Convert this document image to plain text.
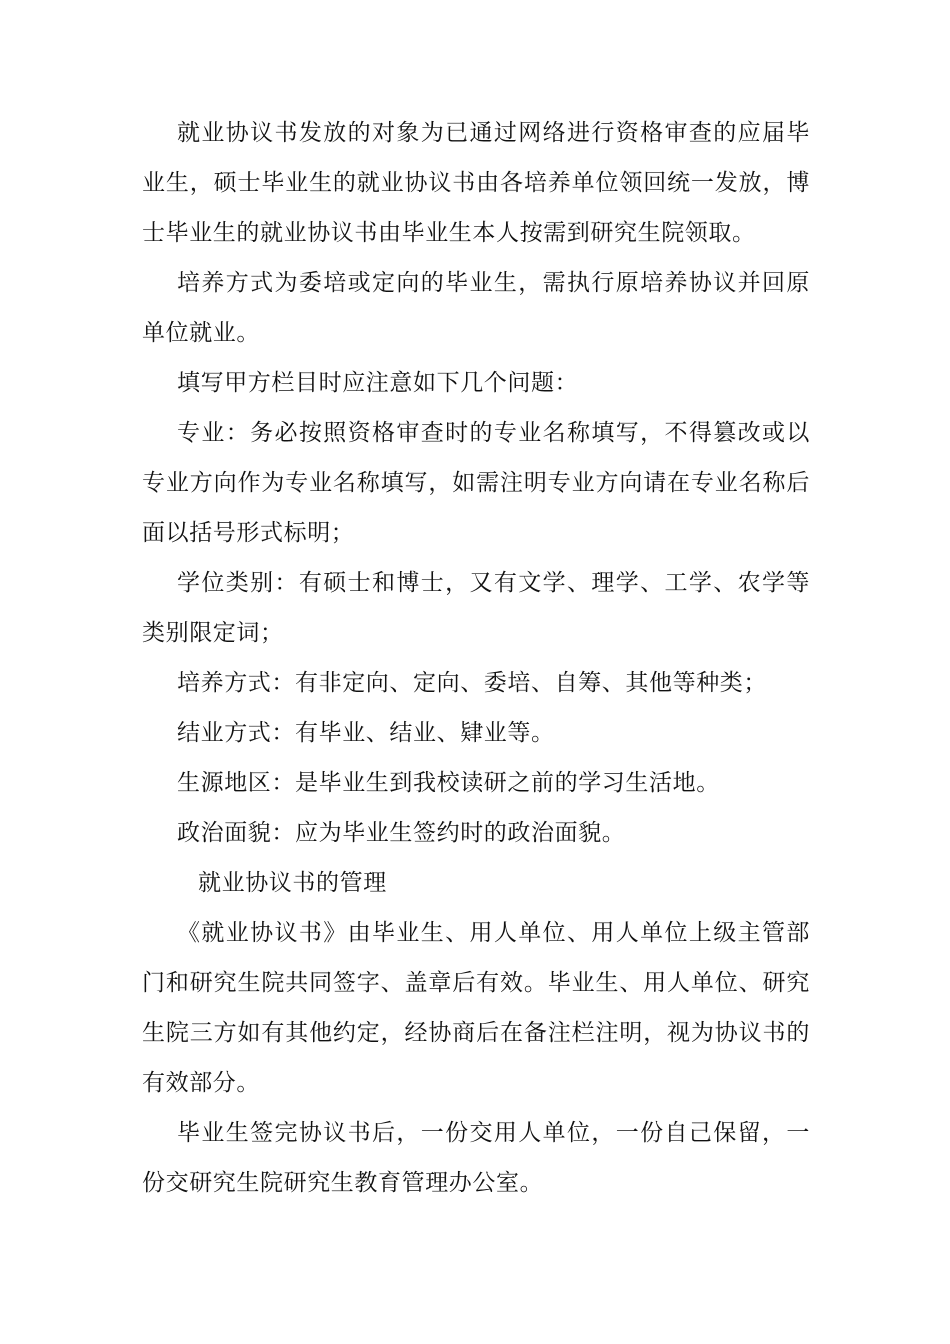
就业协议书发放的对象为已通过网络进行资格审查的应届毕业生，硕士毕业生的就业协议书由各培养单位领回统一发放，博士毕业生的就业协议书由毕业生本人按需到研究生院领取。

培养方式为委培或定向的毕业生，需执行原培养协议并回原单位就业。

填写甲方栏目时应注意如下几个问题：

专业：务必按照资格审查时的专业名称填写，不得篡改或以专业方向作为专业名称填写，如需注明专业方向请在专业名称后面以括号形式标明；

学位类别：有硕士和博士，又有文学、理学、工学、农学等类别限定词；

培养方式：有非定向、定向、委培、自筹、其他等种类；

结业方式：有毕业、结业、肄业等。

生源地区：是毕业生到我校读研之前的学习生活地。

政治面貌：应为毕业生签约时的政治面貌。

就业协议书的管理

《就业协议书》由毕业生、用人单位、用人单位上级主管部门和研究生院共同签字、盖章后有效。毕业生、用人单位、研究生院三方如有其他约定，经协商后在备注栏注明，视为协议书的有效部分。

毕业生签完协议书后，一份交用人单位，一份自己保留，一份交研究生院研究生教育管理办公室。
